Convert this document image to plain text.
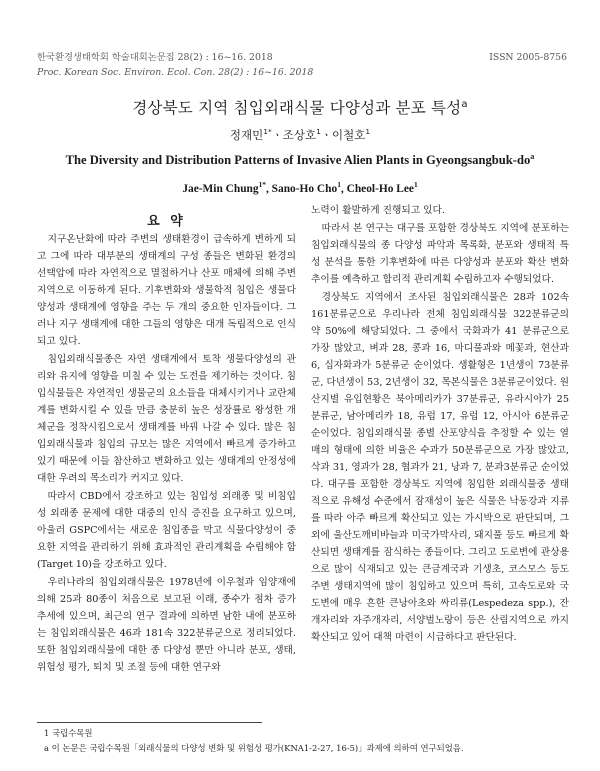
한국환경생태학회 학술대회논문집 28(2) : 16~16. 2018
Proc. Korean Soc. Environ. Ecol. Con. 28(2) : 16~16. 2018
ISSN 2005-8756
경상북도 지역 침입외래식물 다양성과 분포 특성$^a$
정재민$^{1*}$ㆍ조상호$^1$ㆍ이철호$^1$
The Diversity and Distribution Patterns of Invasive Alien Plants in Gyeongsangbuk-$do^a$
Jae-Min Chung$^{1*}$, Sano-Ho Cho$^1$, Cheol-Ho Lee$^1$

요 약

지구온난화에 따라 주변의 생태환경이 급속하게 변하게 되고 그에 따라 대부분의 생태계의 구성 종들은 변화된 환경의 선택압에 따라 자연적으로 멸절하거나 산포 매체에 의해 주변 지역으로 이동하게 된다. 기후변화와 생물학적 침입은 생물다양성과 생태계에 영향을 주는 두 개의 중요한 인자들이다. 그러나 지구 생태계에 대한 그들의 영향은 대개 독립적으로 인식되고 있다.

침입외래식물종은 자연 생태계에서 토착 생물다양성의 관리와 유지에 영향을 미칠 수 있는 도전을 제기하는 것이다. 침입식물들은 자연적인 생물군의 요소들을 대체시키거나 교란체계를 변화시킬 수 있을 만큼 충분히 높은 성장률로 왕성한 개체군을 정착시킴으로서 생태계를 바꿔 나갈 수 있다. 많은 침입외래식물과 침입의 규모는 많은 지역에서 빠르게 증가하고 있기 때문에 이들 참산하고 변화하고 있는 생태계의 안정성에 대한 우려의 목소리가 커지고 있다.

따라서 CBD에서 강조하고 있는 침입성 외래종 및 비침입성 외래종 문제에 대한 대중의 인식 증진을 요구하고 있으며, 아울러 GSPC에서는 새로운 침입종을 막고 식물다양성이 중요한 지역을 관리하기 위해 효과적인 관리계획을 수립해야 함(Target 10)을 강조하고 있다.

우리나라의 침입외래식물은 1978년에 이우철과 임양재에 의해 25과 80종이 처음으로 보고된 이래, 종수가 점차 증가 추세에 있으며, 최근의 연구 결과에 의하면 남한 내에 분포하는 침입외래식물은 46과 181속 322분류군으로 정리되었다. 또한 침입외래식물에 대한 종 다양성 뿐만 아니라 분포, 생태, 위험성 평가, 퇴치 및 조절 등에 대한 연구와

노력이 활발하게 진행되고 있다.

따라서 본 연구는 대구를 포함한 경상북도 지역에 분포하는 침입외래식물의 종 다양성 파악과 목록화, 분포와 생태적 특성 분석을 통한 기후변화에 따른 다양성과 분포와 확산 변화추이를 예측하고 합리적 관리계획 수립하고자 수행되었다.

경상북도 지역에서 조사된 침입외래식물은 28과 102속 161분류군으로 우리나라 전체 침입외래식물 322분류군의 약 50%에 해당되었다. 그 중에서 국화과가 41 분류군으로 가장 많았고, 벼과 28, 콩과 16, 마디풀과와 메꽃과, 현산과 6, 십자화과가 5분류군 순이었다. 생활형은 1년생이 73분류군, 다년생이 53, 2년생이 32, 목본식물은 3분류군이었다. 원산지별 유입현황은 북아메리카가 37분류군, 유라시아가 25분류군, 남아메리카 18, 유럽 17, 유럽 12, 아시아 6분류군 순이었다. 침입외래식물 종별 산포양식을 추정할 수 있는 열매의 형태에 의한 비율은 수과가 50분류군으로 가장 많았고, 삭과 31, 영과가 28, 협과가 21, 낭과 7, 분과3분류군 순이었다. 대구를 포함한 경상북도 지역에 침입한 외래식물중 생태적으로 유해성 수준에서 잠재성이 높은 식물은 낙동강과 지류를 따라 아주 빠르게 확산되고 있는 가시박으로 판단되며, 그 외에 울산도깨비바늘과 미국가막사리, 돼지풀 등도 빠르게 확산되면 생태계를 잠식하는 종들이다. 그리고 도로변에 관상용으로 많이 식재되고 있는 큰금계국과 기생초, 코스모스 등도 주변 생태지역에 많이 침입하고 있으며 특히, 고속도로와 국도변에 매우 흔한 큰낭아초와 싸리류(Lespedeza spp.), 잔개자리와 자주개자리, 서양벌노랑이 등은 산림지역으로 까지 확산되고 있어 대책 마련이 시급하다고 판단된다.

1 국립수목원
a 이 논문은 국립수목원「외래식물의 다양성 변화 및 위험성 평가(KNA1-2-27, 16-5)」과제에 의하여 연구되었음.
